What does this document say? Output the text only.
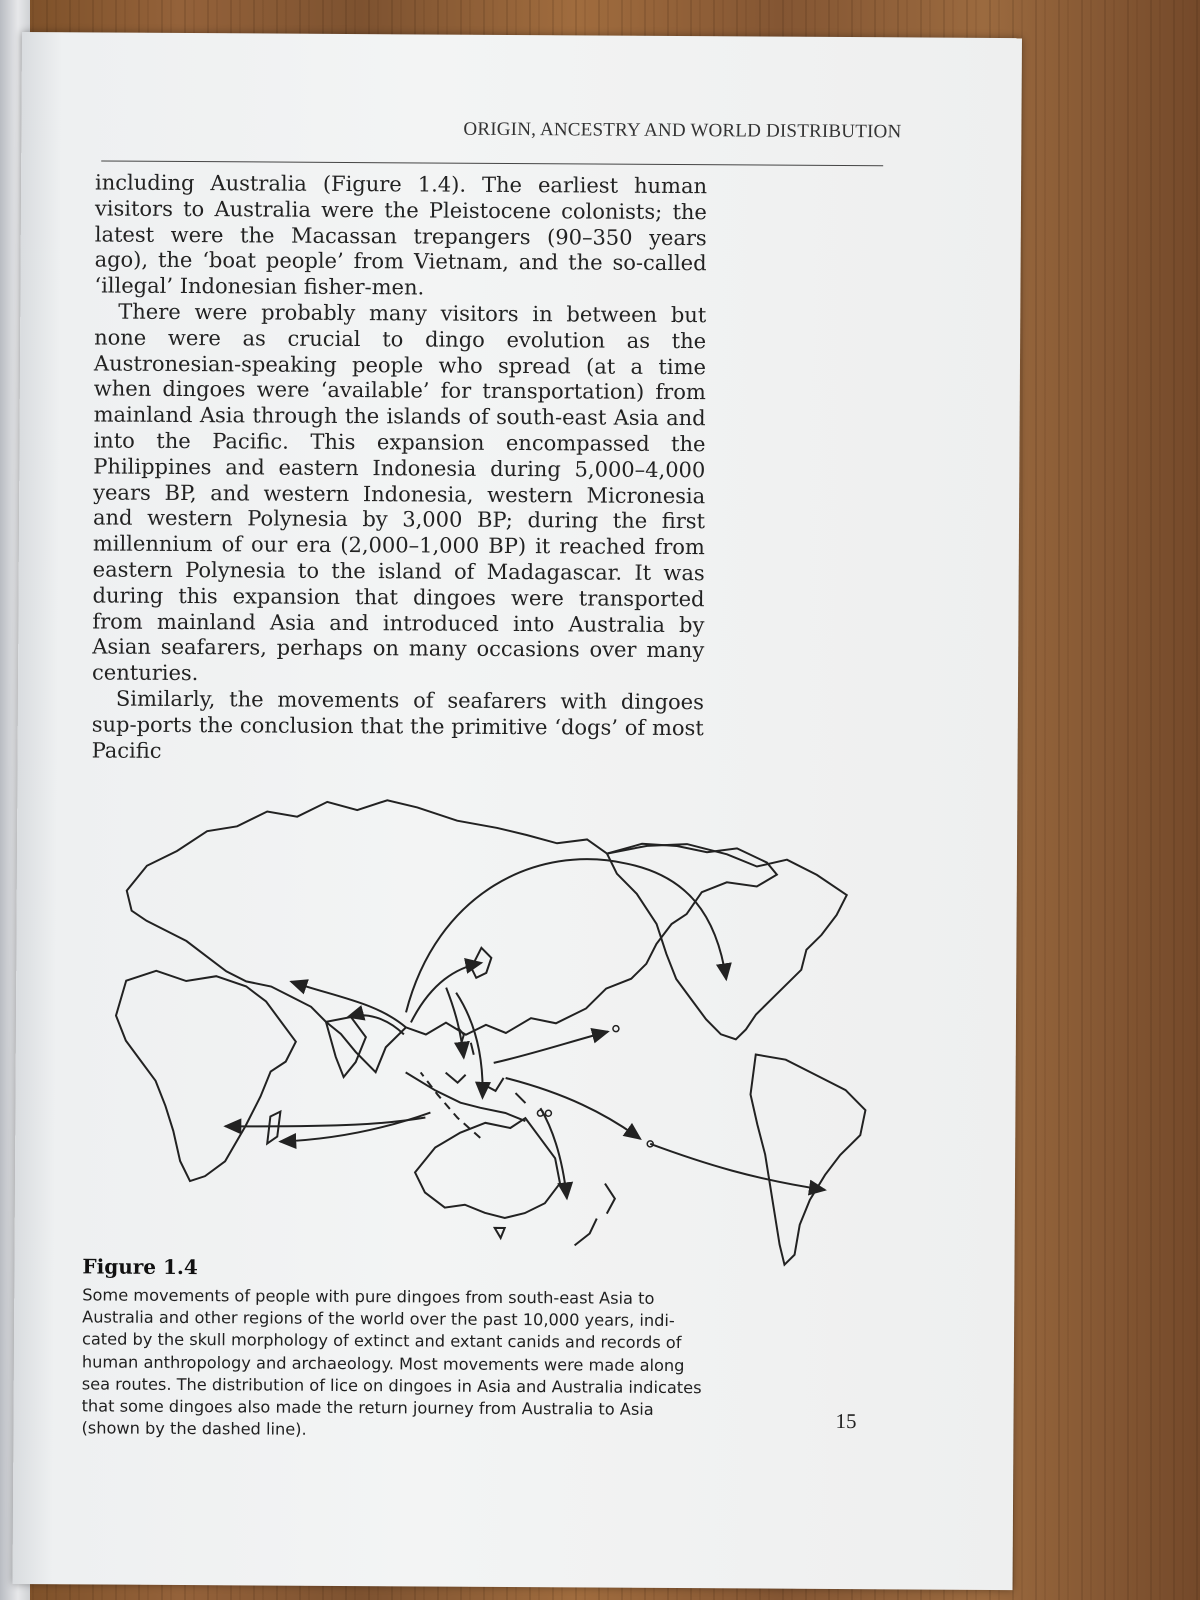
ORIGIN, ANCESTRY AND WORLD DISTRIBUTION

including Australia (Figure 1.4). The earliest human visitors to Australia were the Pleistocene colonists; the latest were the Macassan trepangers (90–350 years ago), the ‘boat people’ from Vietnam, and the so-called ‘illegal’ Indonesian fisher-men.

There were probably many visitors in between but none were as crucial to dingo evolution as the Austronesian-speaking people who spread (at a time when dingoes were ‘available’ for transportation) from mainland Asia through the islands of south-east Asia and into the Pacific. This expansion encompassed the Philippines and eastern Indonesia during 5,000–4,000 years BP, and western Indonesia, western Micronesia and western Polynesia by 3,000 BP; during the first millennium of our era (2,000–1,000 BP) it reached from eastern Polynesia to the island of Madagascar. It was during this expansion that dingoes were transported from mainland Asia and introduced into Australia by Asian seafarers, perhaps on many occasions over many centuries.

Similarly, the movements of seafarers with dingoes sup-ports the conclusion that the primitive ‘dogs’ of most Pacific

Figure 1.4
Some movements of people with pure dingoes from south-east Asia to Australia and other regions of the world over the past 10,000 years, indi-cated by the skull morphology of extinct and extant canids and records of human anthropology and archaeology. Most movements were made along sea routes. The distribution of lice on dingoes in Asia and Australia indicates that some dingoes also made the return journey from Australia to Asia (shown by the dashed line).	15
